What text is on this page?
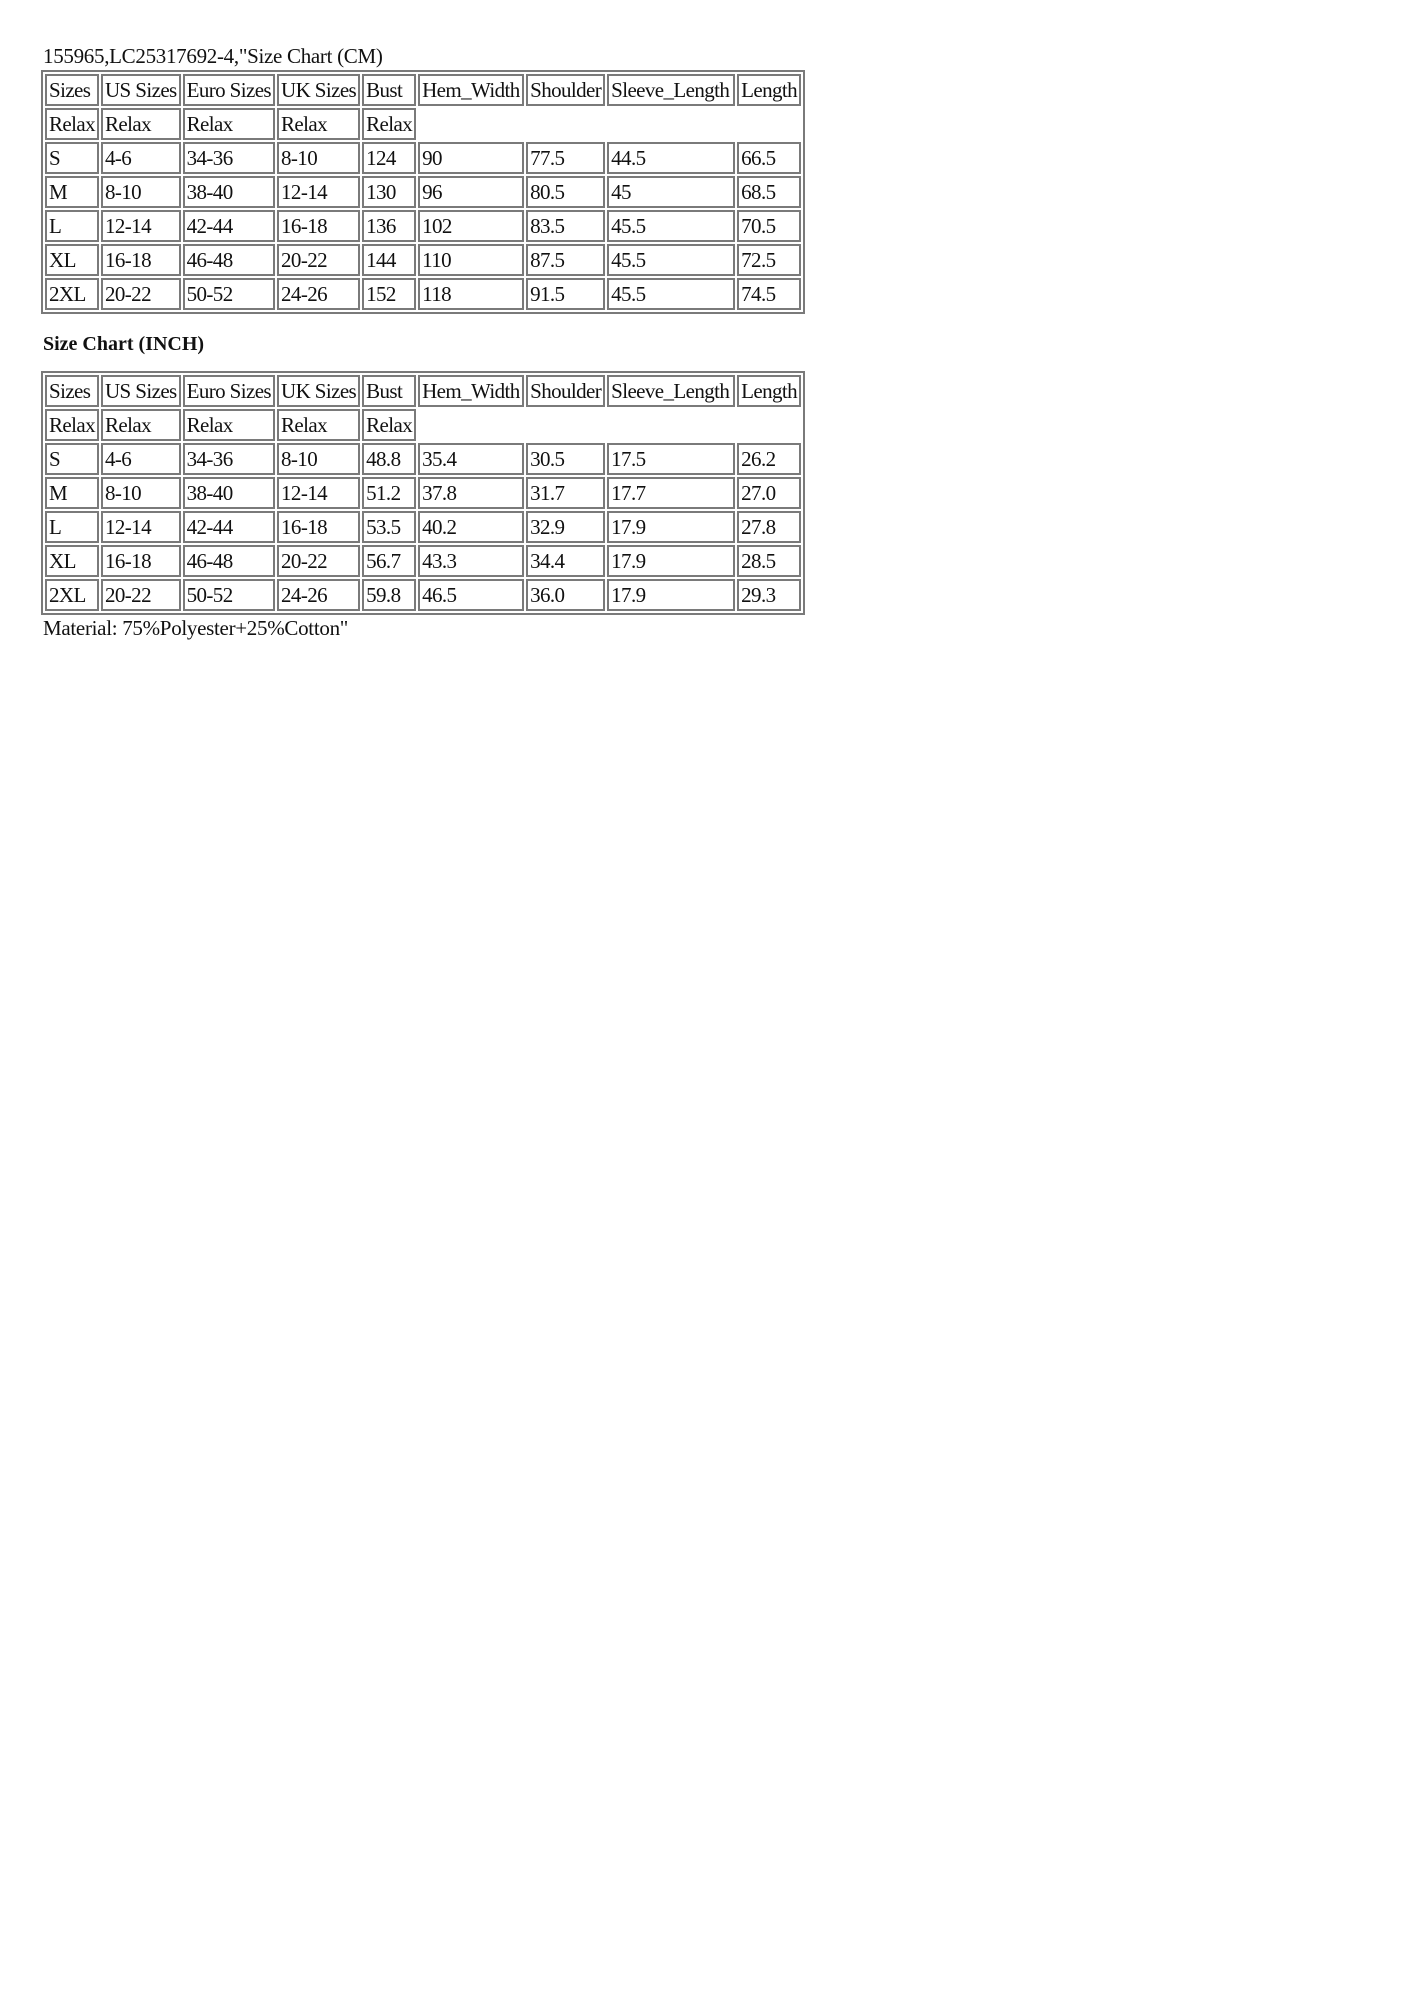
155965,LC25317692-4,"Size Chart (CM)
Sizes	US Sizes	Euro Sizes	UK Sizes	Bust	Hem_Width	Shoulder	Sleeve_Length	Length
Relax	Relax	Relax	Relax	Relax				
S	4-6	34-36	8-10	124	90	77.5	44.5	66.5
M	8-10	38-40	12-14	130	96	80.5	45	68.5
L	12-14	42-44	16-18	136	102	83.5	45.5	70.5
XL	16-18	46-48	20-22	144	110	87.5	45.5	72.5
2XL	20-22	50-52	24-26	152	118	91.5	45.5	74.5
Size Chart (INCH)
Sizes	US Sizes	Euro Sizes	UK Sizes	Bust	Hem_Width	Shoulder	Sleeve_Length	Length
Relax	Relax	Relax	Relax	Relax				
S	4-6	34-36	8-10	48.8	35.4	30.5	17.5	26.2
M	8-10	38-40	12-14	51.2	37.8	31.7	17.7	27.0
L	12-14	42-44	16-18	53.5	40.2	32.9	17.9	27.8
XL	16-18	46-48	20-22	56.7	43.3	34.4	17.9	28.5
2XL	20-22	50-52	24-26	59.8	46.5	36.0	17.9	29.3
Material: 75%Polyester+25%Cotton"
